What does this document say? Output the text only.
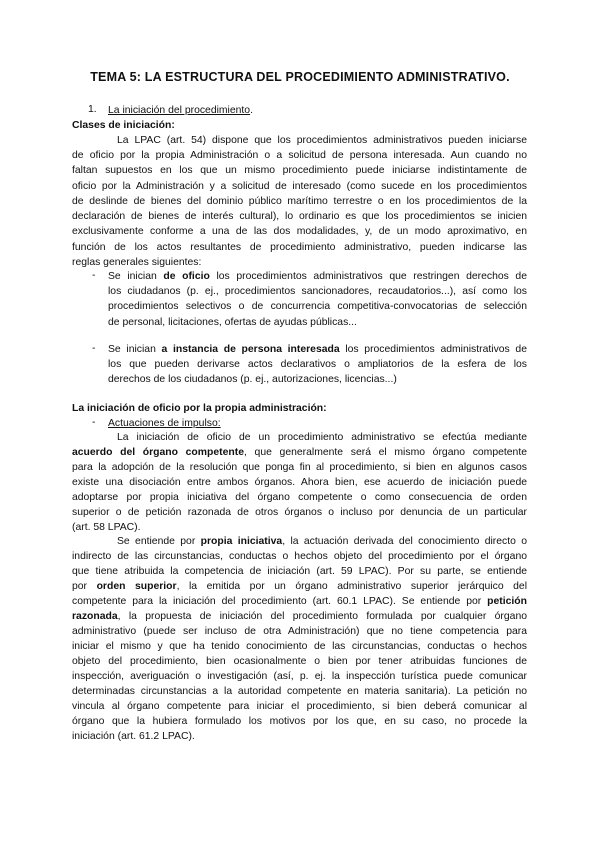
TEMA 5: LA ESTRUCTURA DEL PROCEDIMIENTO ADMINISTRATIVO.
1. La iniciación del procedimiento.
Clases de iniciación:
La LPAC (art. 54) dispone que los procedimientos administrativos pueden iniciarse
de oficio por la propia Administración o a solicitud de persona interesada. Aun cuando no
faltan supuestos en los que un mismo procedimiento puede iniciarse indistintamente de
oficio por la Administración y a solicitud de interesado (como sucede en los procedimientos
de deslinde de bienes del dominio público marítimo terrestre o en los procedimientos de la
declaración de bienes de interés cultural), lo ordinario es que los procedimientos se inicien
exclusivamente conforme a una de las dos modalidades, y, de un modo aproximativo, en
función de los actos resultantes de procedimiento administrativo, pueden indicarse las
reglas generales siguientes:
- Se inician de oficio los procedimientos administrativos que restringen derechos de
los ciudadanos (p. ej., procedimientos sancionadores, recaudatorios...), así como los
procedimientos selectivos o de concurrencia competitiva-convocatorias de selección
de personal, licitaciones, ofertas de ayudas públicas...
- Se inician a instancia de persona interesada los procedimientos administrativos de
los que pueden derivarse actos declarativos o ampliatorios de la esfera de los
derechos de los ciudadanos (p. ej., autorizaciones, licencias...)
La iniciación de oficio por la propia administración:
- Actuaciones de impulso:
La iniciación de oficio de un procedimiento administrativo se efectúa mediante
acuerdo del órgano competente, que generalmente será el mismo órgano competente
para la adopción de la resolución que ponga fin al procedimiento, si bien en algunos casos
existe una disociación entre ambos órganos. Ahora bien, ese acuerdo de iniciación puede
adoptarse por propia iniciativa del órgano competente o como consecuencia de orden
superior o de petición razonada de otros órganos o incluso por denuncia de un particular
(art. 58 LPAC).
Se entiende por propia iniciativa, la actuación derivada del conocimiento directo o
indirecto de las circunstancias, conductas o hechos objeto del procedimiento por el órgano
que tiene atribuida la competencia de iniciación (art. 59 LPAC). Por su parte, se entiende
por orden superior, la emitida por un órgano administrativo superior jerárquico del
competente para la iniciación del procedimiento (art. 60.1 LPAC). Se entiende por petición
razonada, la propuesta de iniciación del procedimiento formulada por cualquier órgano
administrativo (puede ser incluso de otra Administración) que no tiene competencia para
iniciar el mismo y que ha tenido conocimiento de las circunstancias, conductas o hechos
objeto del procedimiento, bien ocasionalmente o bien por tener atribuidas funciones de
inspección, averiguación o investigación (así, p. ej. la inspección turística puede comunicar
determinadas circunstancias a la autoridad competente en materia sanitaria). La petición no
vincula al órgano competente para iniciar el procedimiento, si bien deberá comunicar al
órgano que la hubiera formulado los motivos por los que, en su caso, no procede la
iniciación (art. 61.2 LPAC).
